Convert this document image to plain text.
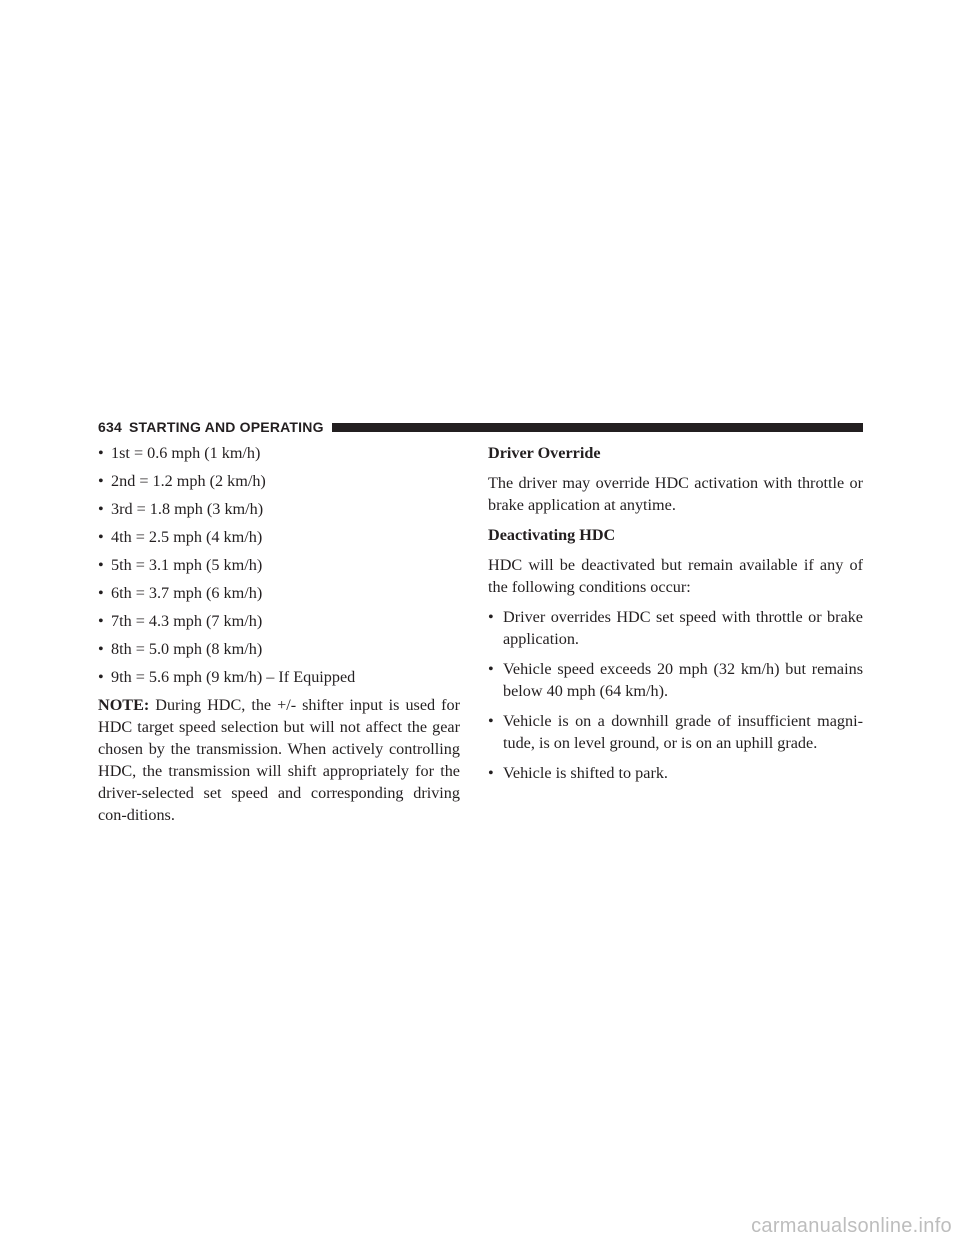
634 STARTING AND OPERATING
• 1st = 0.6 mph (1 km/h)
• 2nd = 1.2 mph (2 km/h)
• 3rd = 1.8 mph (3 km/h)
• 4th = 2.5 mph (4 km/h)
• 5th = 3.1 mph (5 km/h)
• 6th = 3.7 mph (6 km/h)
• 7th = 4.3 mph (7 km/h)
• 8th = 5.0 mph (8 km/h)
• 9th = 5.6 mph (9 km/h) – If Equipped

NOTE: During HDC, the +/- shifter input is used for HDC target speed selection but will not affect the gear chosen by the transmission. When actively controlling HDC, the transmission will shift appropriately for the driver-selected set speed and corresponding driving con-ditions.

Driver Override

The driver may override HDC activation with throttle or brake application at anytime.

Deactivating HDC

HDC will be deactivated but remain available if any of the following conditions occur:

• Driver overrides HDC set speed with throttle or brake application.
• Vehicle speed exceeds 20 mph (32 km/h) but remains below 40 mph (64 km/h).
• Vehicle is on a downhill grade of insufficient magni-tude, is on level ground, or is on an uphill grade.
• Vehicle is shifted to park.
carmanualsonline.info
